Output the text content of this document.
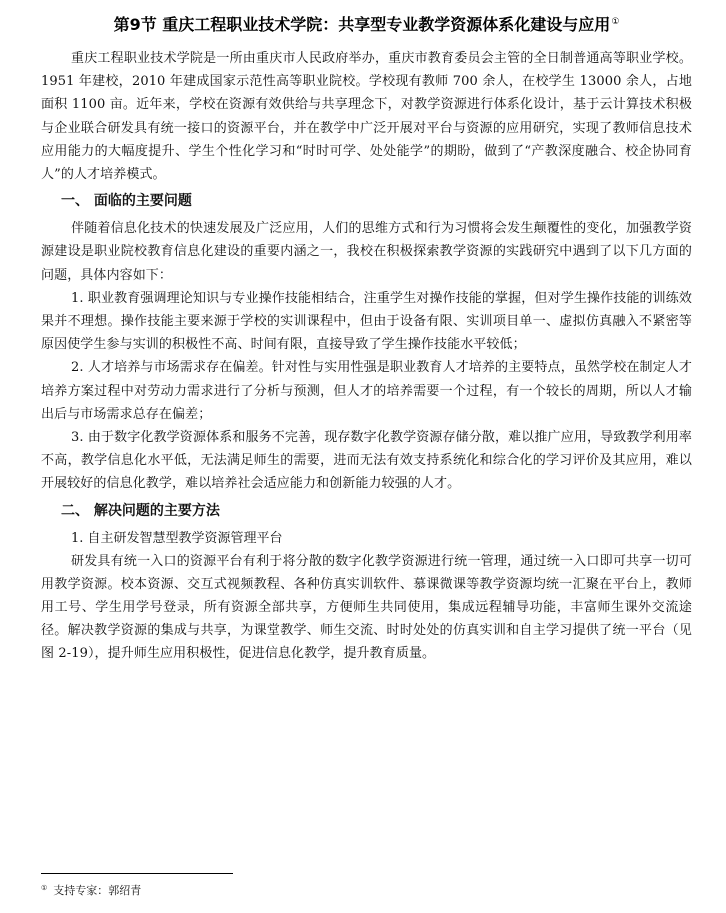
第9节 重庆工程职业技术学院：共享型专业教学资源体系化建设与应用①

重庆工程职业技术学院是一所由重庆市人民政府举办，重庆市教育委员会主管的全日制普通高等职业学校。1951 年建校，2010 年建成国家示范性高等职业院校。学校现有教师 700 余人，在校学生 13000 余人，占地面积 1100 亩。近年来，学校在资源有效供给与共享理念下，对教学资源进行体系化设计，基于云计算技术积极与企业联合研发具有统一接口的资源平台，并在教学中广泛开展对平台与资源的应用研究，实现了教师信息技术应用能力的大幅度提升、学生个性化学习和“时时可学、处处能学”的期盼，做到了“产教深度融合、校企协同育人”的人才培养模式。

一、 面临的主要问题

伴随着信息化技术的快速发展及广泛应用，人们的思维方式和行为习惯将会发生颠覆性的变化，加强教学资源建设是职业院校教育信息化建设的重要内涵之一，我校在积极探索教学资源的实践研究中遇到了以下几方面的问题，具体内容如下：

1. 职业教育强调理论知识与专业操作技能相结合，注重学生对操作技能的掌握，但对学生操作技能的训练效果并不理想。操作技能主要来源于学校的实训课程中，但由于设备有限、实训项目单一、虚拟仿真融入不紧密等原因使学生参与实训的积极性不高、时间有限，直接导致了学生操作技能水平较低；

2. 人才培养与市场需求存在偏差。针对性与实用性强是职业教育人才培养的主要特点，虽然学校在制定人才培养方案过程中对劳动力需求进行了分析与预测，但人才的培养需要一个过程，有一个较长的周期，所以人才输出后与市场需求总存在偏差；

3. 由于数字化教学资源体系和服务不完善，现存数字化教学资源存储分散，难以推广应用，导致教学利用率不高，教学信息化水平低，无法满足师生的需要，进而无法有效支持系统化和综合化的学习评价及其应用，难以开展较好的信息化教学，难以培养社会适应能力和创新能力较强的人才。

二、 解决问题的主要方法
1. 自主研发智慧型教学资源管理平台

研发具有统一入口的资源平台有利于将分散的数字化教学资源进行统一管理，通过统一入口即可共享一切可用教学资源。校本资源、交互式视频教程、各种仿真实训软件、慕课微课等教学资源均统一汇聚在平台上，教师用工号、学生用学号登录，所有资源全部共享，方便师生共同使用，集成远程辅导功能，丰富师生课外交流途径。解决教学资源的集成与共享，为课堂教学、师生交流、时时处处的仿真实训和自主学习提供了统一平台（见图 2-19），提升师生应用积极性，促进信息化教学，提升教育质量。

① 支持专家：郭绍青
